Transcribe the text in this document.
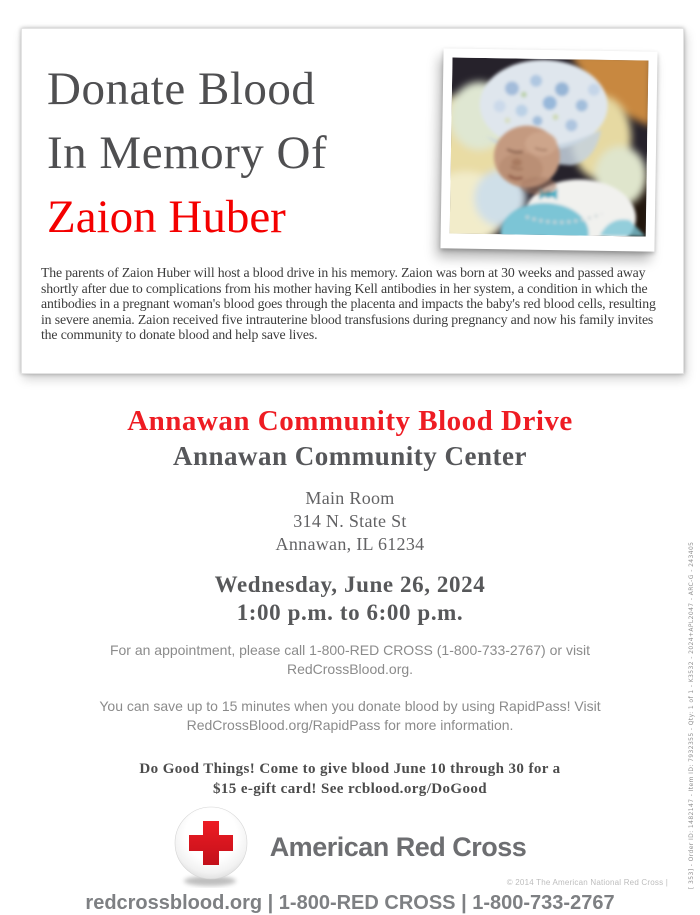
Donate Blood
In Memory Of
Zaion Huber

The parents of Zaion Huber will host a blood drive in his memory. Zaion was born at 30 weeks and passed away shortly after due to complications from his mother having Kell antibodies in her system, a condition in which the antibodies in a pregnant woman's blood goes through the placenta and impacts the baby's red blood cells, resulting in severe anemia. Zaion received five intrauterine blood transfusions during pregnancy and now his family invites the community to donate blood and help save lives.

Annawan Community Blood Drive
Annawan Community Center
Main Room
314 N. State St
Annawan, IL 61234
Wednesday, June 26, 2024
1:00 p.m. to 6:00 p.m.

For an appointment, please call 1-800-RED CROSS (1-800-733-2767) or visit
RedCrossBlood.org.

You can save up to 15 minutes when you donate blood by using RapidPass! Visit
RedCrossBlood.org/RapidPass for more information.

Do Good Things! Come to give blood June 10 through 30 for a
$15 e-gift card! See rcblood.org/DoGood

American Red Cross
redcrossblood.org | 1-800-RED CROSS | 1-800-733-2767
© 2014 The American National Red Cross |	[ 353] - Order ID: 1482147 - Item ID: 7932355 - Qty: 1 of 1 - K3532 - 2024+APL2047 - ARC-G - 243405
